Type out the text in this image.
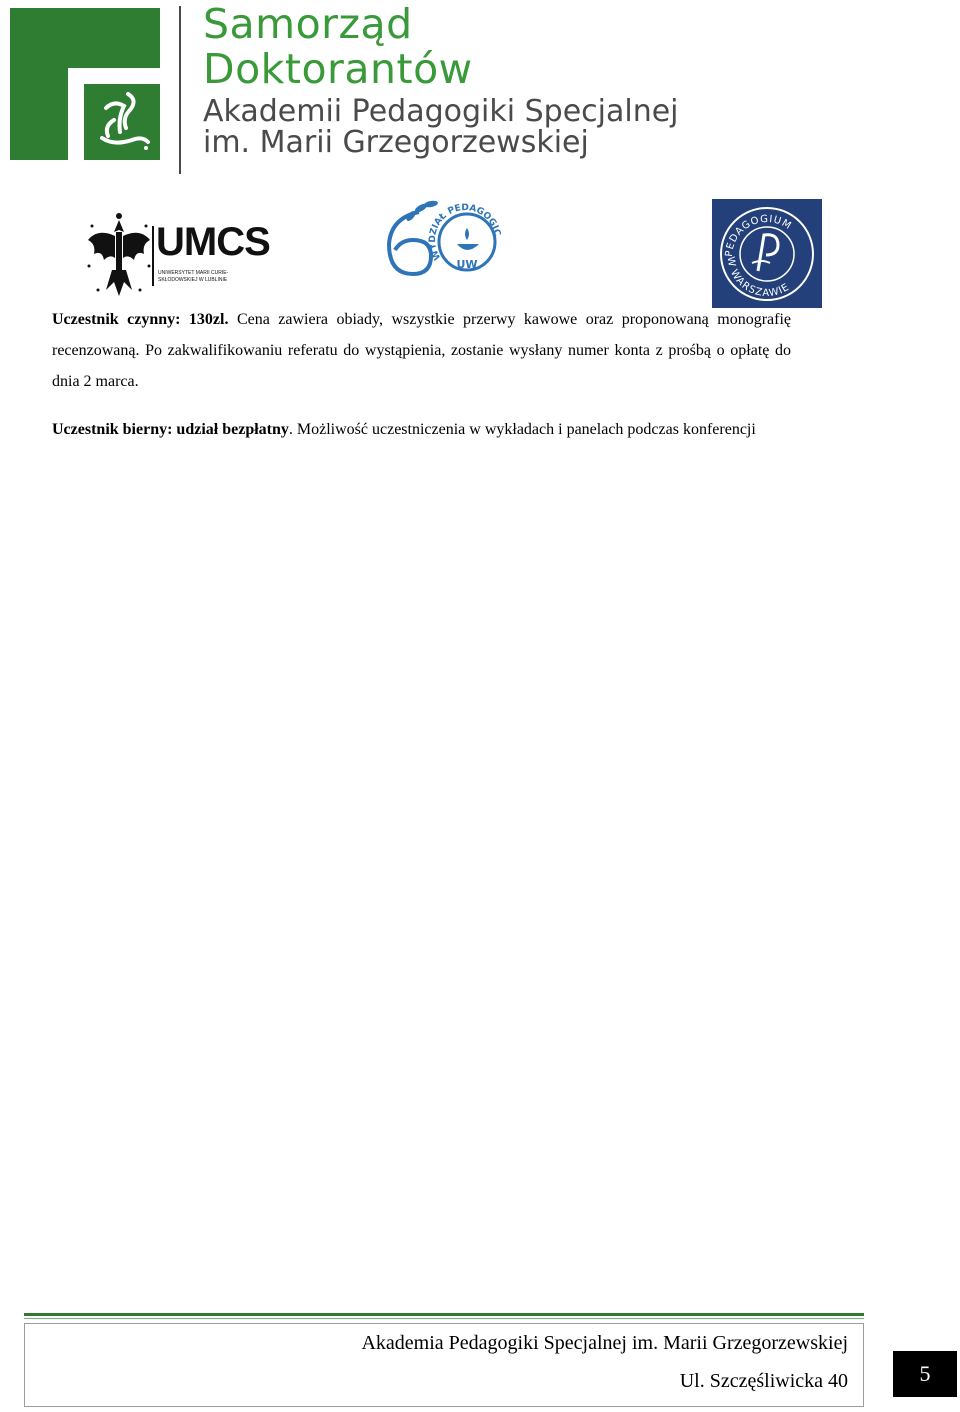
Samorząd
Doktorantów
Akademii Pedagogiki Specjalnej
im. Marii Grzegorzewskiej
UMCS
UNIWERSYTET MARII CURIE-SKŁODOWSKIEJ W LUBLINIE
WYDZIAŁ PEDAGOGIC
UW
PEDAGOGIUM
W WARSZAWIE

Uczestnik czynny: 130zl. Cena zawiera obiady, wszystkie przerwy kawowe oraz proponowaną monografię recenzowaną. Po zakwalifikowaniu referatu do wystąpienia, zostanie wysłany numer konta z prośbą o opłatę do dnia 2 marca.

Uczestnik bierny: udział bezpłatny. Możliwość uczestniczenia w wykładach i panelach podczas konferencji

Akademia Pedagogiki Specjalnej im. Marii Grzegorzewskiej
Ul. Szczęśliwicka 40	5
